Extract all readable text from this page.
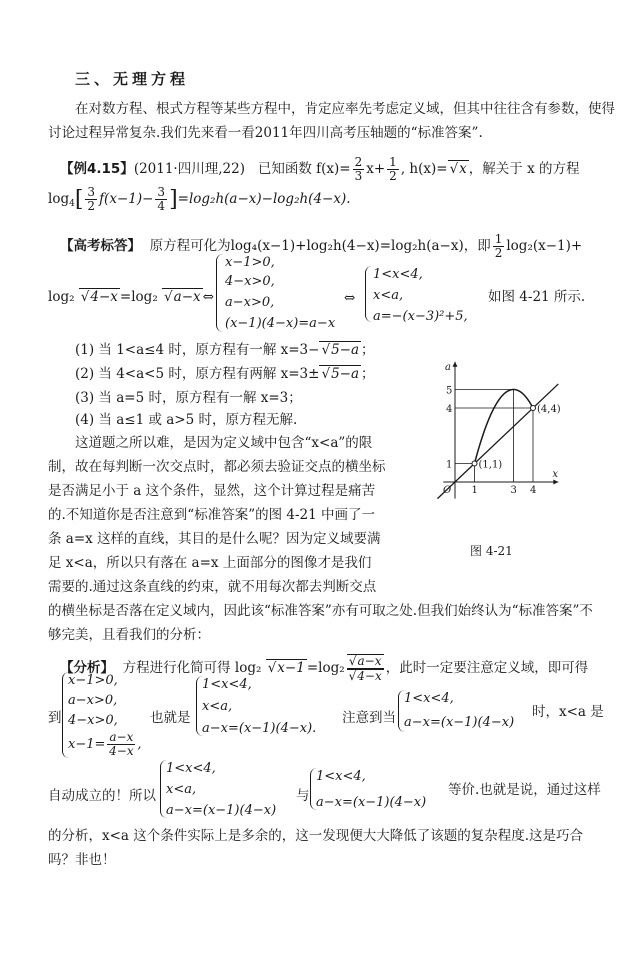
三、无理方程
在对数方程、根式方程等某些方程中，肯定应率先考虑定义域，但其中往往含有参数，使得
讨论过程异常复杂.我们先来看一看2011年四川高考压轴题的“标准答案”.
【例4.15】(2011·四川理,22) 已知函数 $f(x)= \frac{2}{3} x+ \frac{1}{2}$ , h(x)= √ x ，解关于 x 的方程
$\log_4[ \frac{3}{2} f(x-1)- \frac{3}{4} ]=\log_2h(a-x)-\log_2h(4-x)$.
【高考标答】 原方程可化为log₄(x−1)+log₂h(4−x)=log₂h(a−x)，即 $\frac{1}{2} \log_2(x-1)+$
log₂ √ 4−x =log₂ √ a−x ⇔
x−1>0,
4−x>0,
a−x>0,
(x−1)(4−x)=a−x
⇔
1<x<4,
x<a,
a=−(x−3)²+5,
如图 4-21 所示.
(1) 当 1<a≤4 时，原方程有一解 x=3− √ 5−a ；
(2) 当 4<a<5 时，原方程有两解 x=3± √ 5−a ；
(3) 当 a=5 时，原方程有一解 x=3；
(4) 当 a≤1 或 a>5 时，原方程无解.
这道题之所以难，是因为定义域中包含“x<a”的限
制，故在每判断一次交点时，都必须去验证交点的横坐标
是否满足小于 a 这个条件，显然，这个计算过程是痛苦
的.不知道你是否注意到“标准答案”的图 4-21 中画了一
条 a=x 这样的直线，其目的是什么呢？因为定义域要满
足 x<a，所以只有落在 a=x 上面部分的图像才是我们
需要的.通过这条直线的约束，就不用每次都去判断交点
的横坐标是否落在定义域内，因此该“标准答案”亦有可取之处.但我们始终认为“标准答案”不
够完美，且看我们的分析：
x
a
(1,1)
(4,4)
O 1	3 4
1
4
5
图 4-21
【分析】 方程进行化简可得 log₂ √ x−1 =log₂ √ a−x
√ 4−x ，此时一定要注意定义域，即可得
到
x−1>0,
a−x>0,
4−x>0,
$x-1= \frac{a-x}{4-x}$ ,
也就是
1<x<4,
x<a,
a−x=(x−1)(4−x).
注意到当
1<x<4,
a−x=(x−1)(4−x)
时，x<a 是
自动成立的！所以
1<x<4,
x<a,
a−x=(x−1)(4−x)
与
1<x<4,
a−x=(x−1)(4−x)
等价.也就是说，通过这样
的分析，x<a 这个条件实际上是多余的，这一发现便大大降低了该题的复杂程度.这是巧合
吗？非也！
